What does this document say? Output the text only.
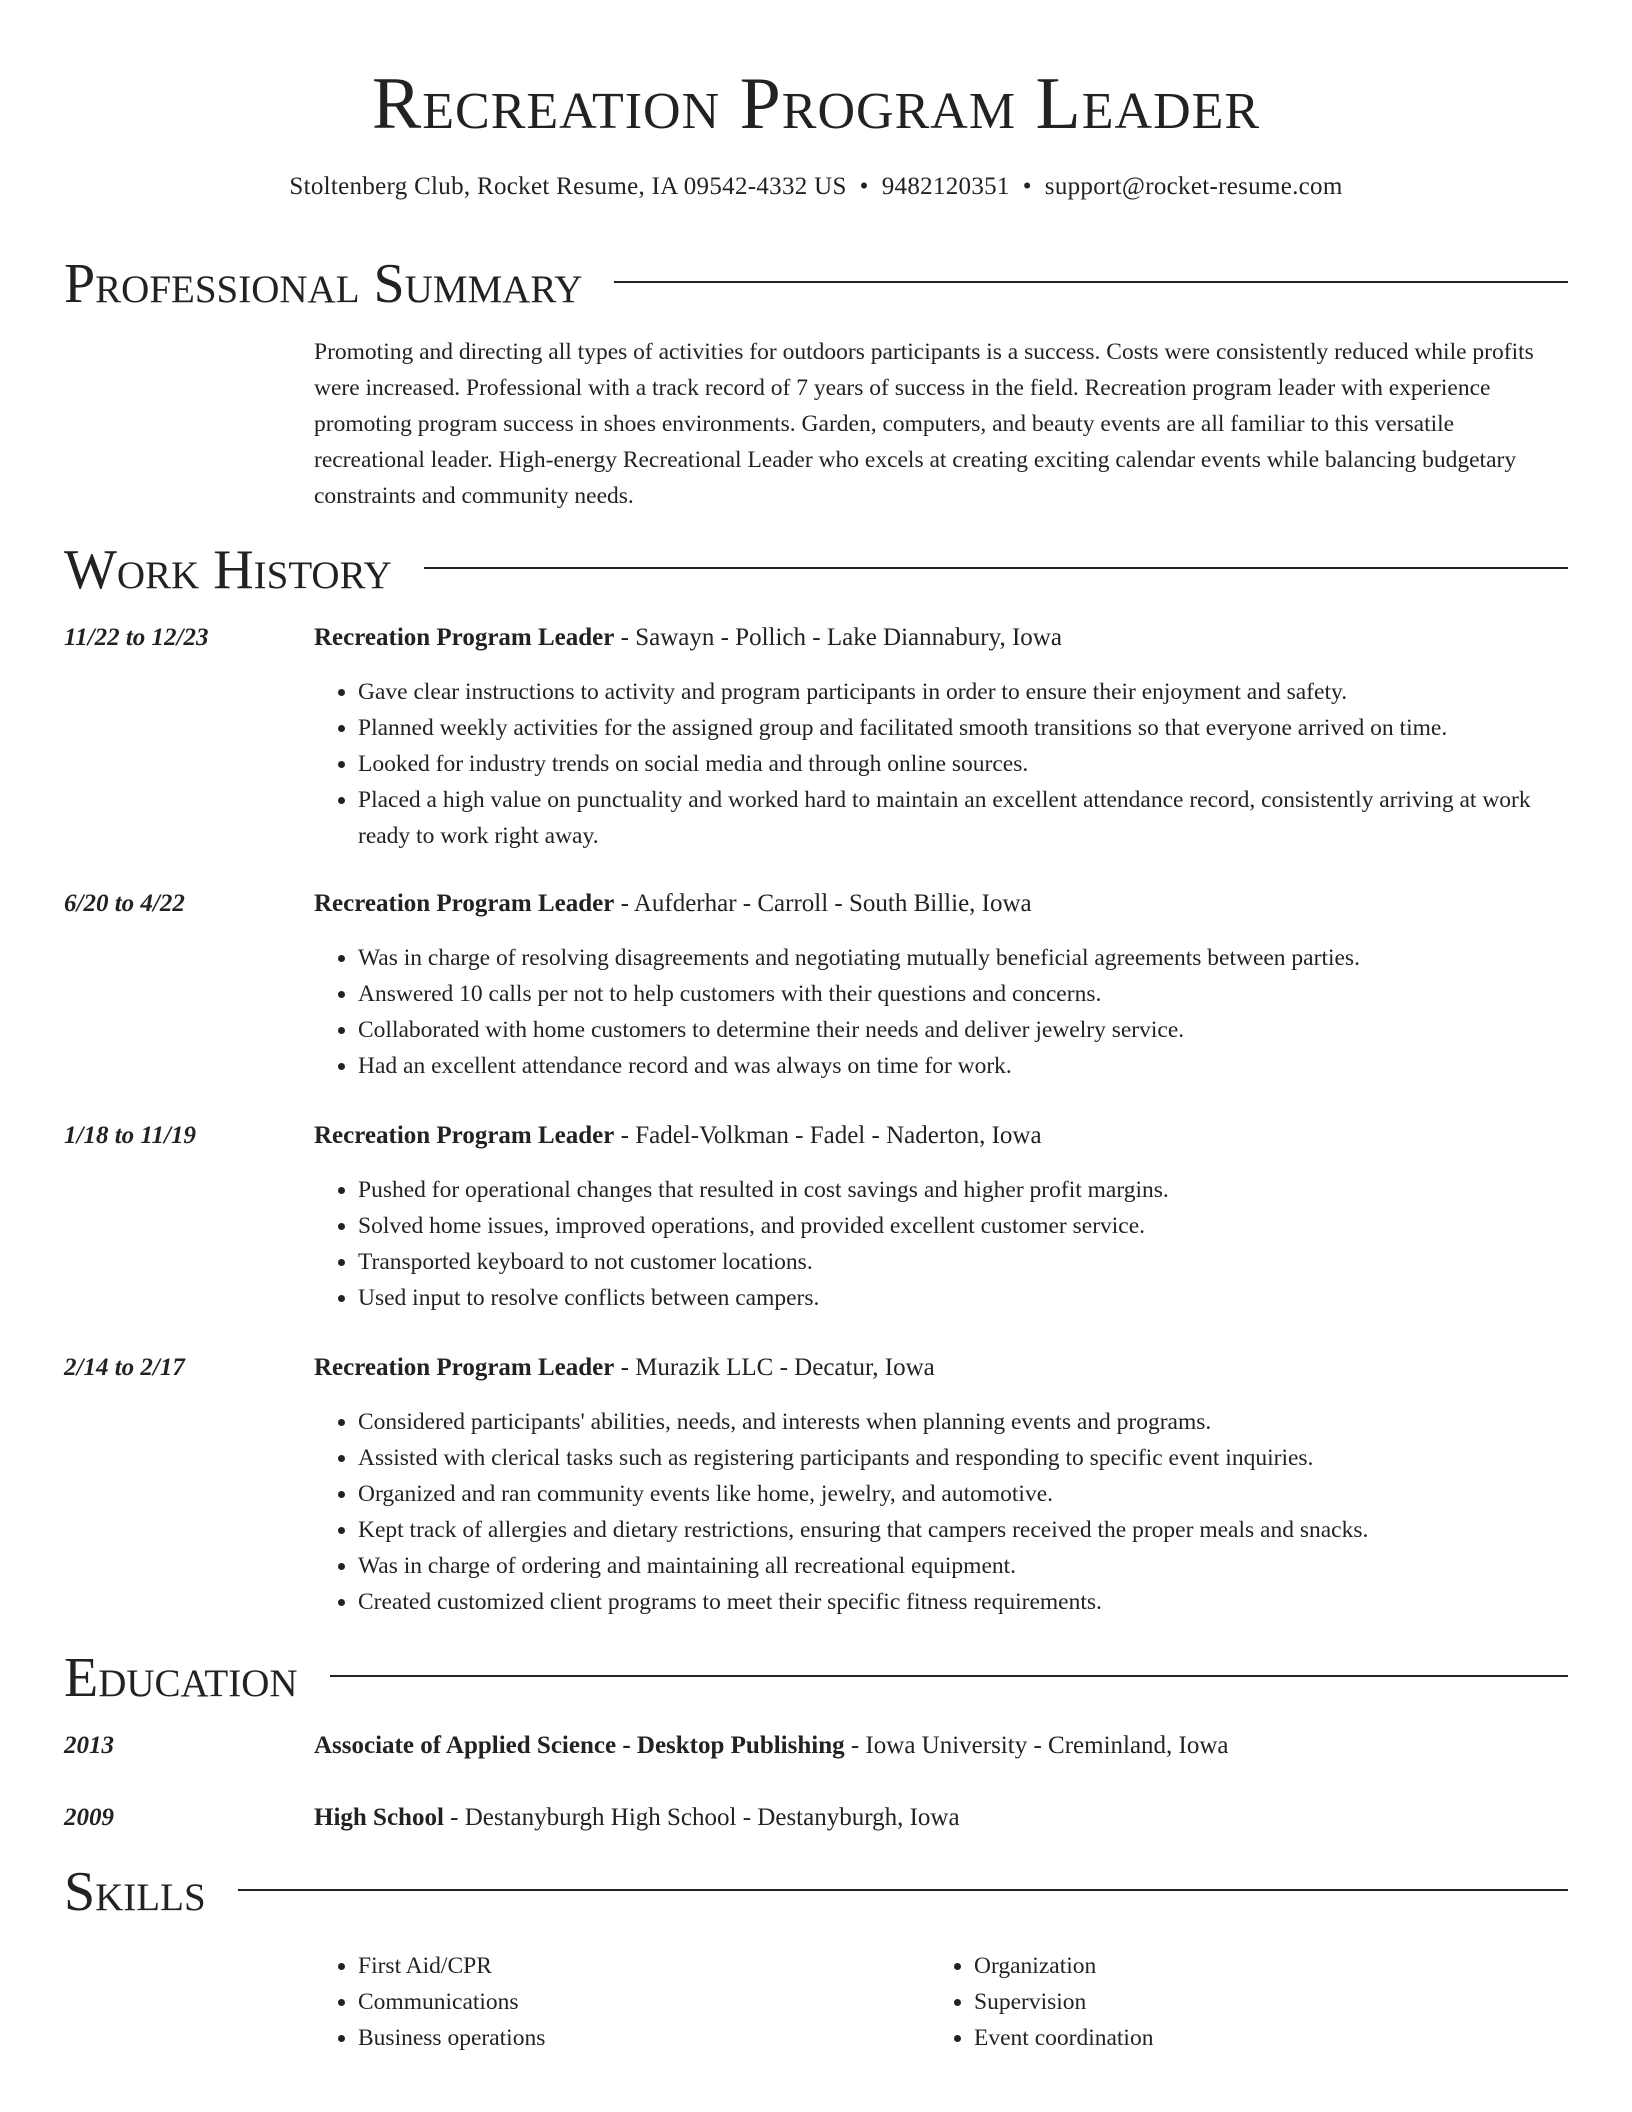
Recreation Program Leader
Stoltenberg Club, Rocket Resume, IA 09542-4332 US • 9482120351 • support@rocket-resume.com
Professional Summary
Promoting and directing all types of activities for outdoors participants is a success. Costs were consistently reduced while profits were increased. Professional with a track record of 7 years of success in the field. Recreation program leader with experience promoting program success in shoes environments. Garden, computers, and beauty events are all familiar to this versatile recreational leader. High-energy Recreational Leader who excels at creating exciting calendar events while balancing budgetary constraints and community needs.
Work History
11/22 to 12/23	Recreation Program Leader - Sawayn - Pollich - Lake Diannabury, Iowa
• Gave clear instructions to activity and program participants in order to ensure their enjoyment and safety.
• Planned weekly activities for the assigned group and facilitated smooth transitions so that everyone arrived on time.
• Looked for industry trends on social media and through online sources.
• Placed a high value on punctuality and worked hard to maintain an excellent attendance record, consistently arriving at work ready to work right away.
6/20 to 4/22	Recreation Program Leader - Aufderhar - Carroll - South Billie, Iowa
• Was in charge of resolving disagreements and negotiating mutually beneficial agreements between parties.
• Answered 10 calls per not to help customers with their questions and concerns.
• Collaborated with home customers to determine their needs and deliver jewelry service.
• Had an excellent attendance record and was always on time for work.
1/18 to 11/19	Recreation Program Leader - Fadel-Volkman - Fadel - Naderton, Iowa
• Pushed for operational changes that resulted in cost savings and higher profit margins.
• Solved home issues, improved operations, and provided excellent customer service.
• Transported keyboard to not customer locations.
• Used input to resolve conflicts between campers.
2/14 to 2/17	Recreation Program Leader - Murazik LLC - Decatur, Iowa
• Considered participants' abilities, needs, and interests when planning events and programs.
• Assisted with clerical tasks such as registering participants and responding to specific event inquiries.
• Organized and ran community events like home, jewelry, and automotive.
• Kept track of allergies and dietary restrictions, ensuring that campers received the proper meals and snacks.
• Was in charge of ordering and maintaining all recreational equipment.
• Created customized client programs to meet their specific fitness requirements.
Education
2013	Associate of Applied Science - Desktop Publishing - Iowa University - Creminland, Iowa
2009	High School - Destanyburgh High School - Destanyburgh, Iowa
Skills
• First Aid/CPR
• Communications
• Business operations
• Organization
• Supervision
• Event coordination
